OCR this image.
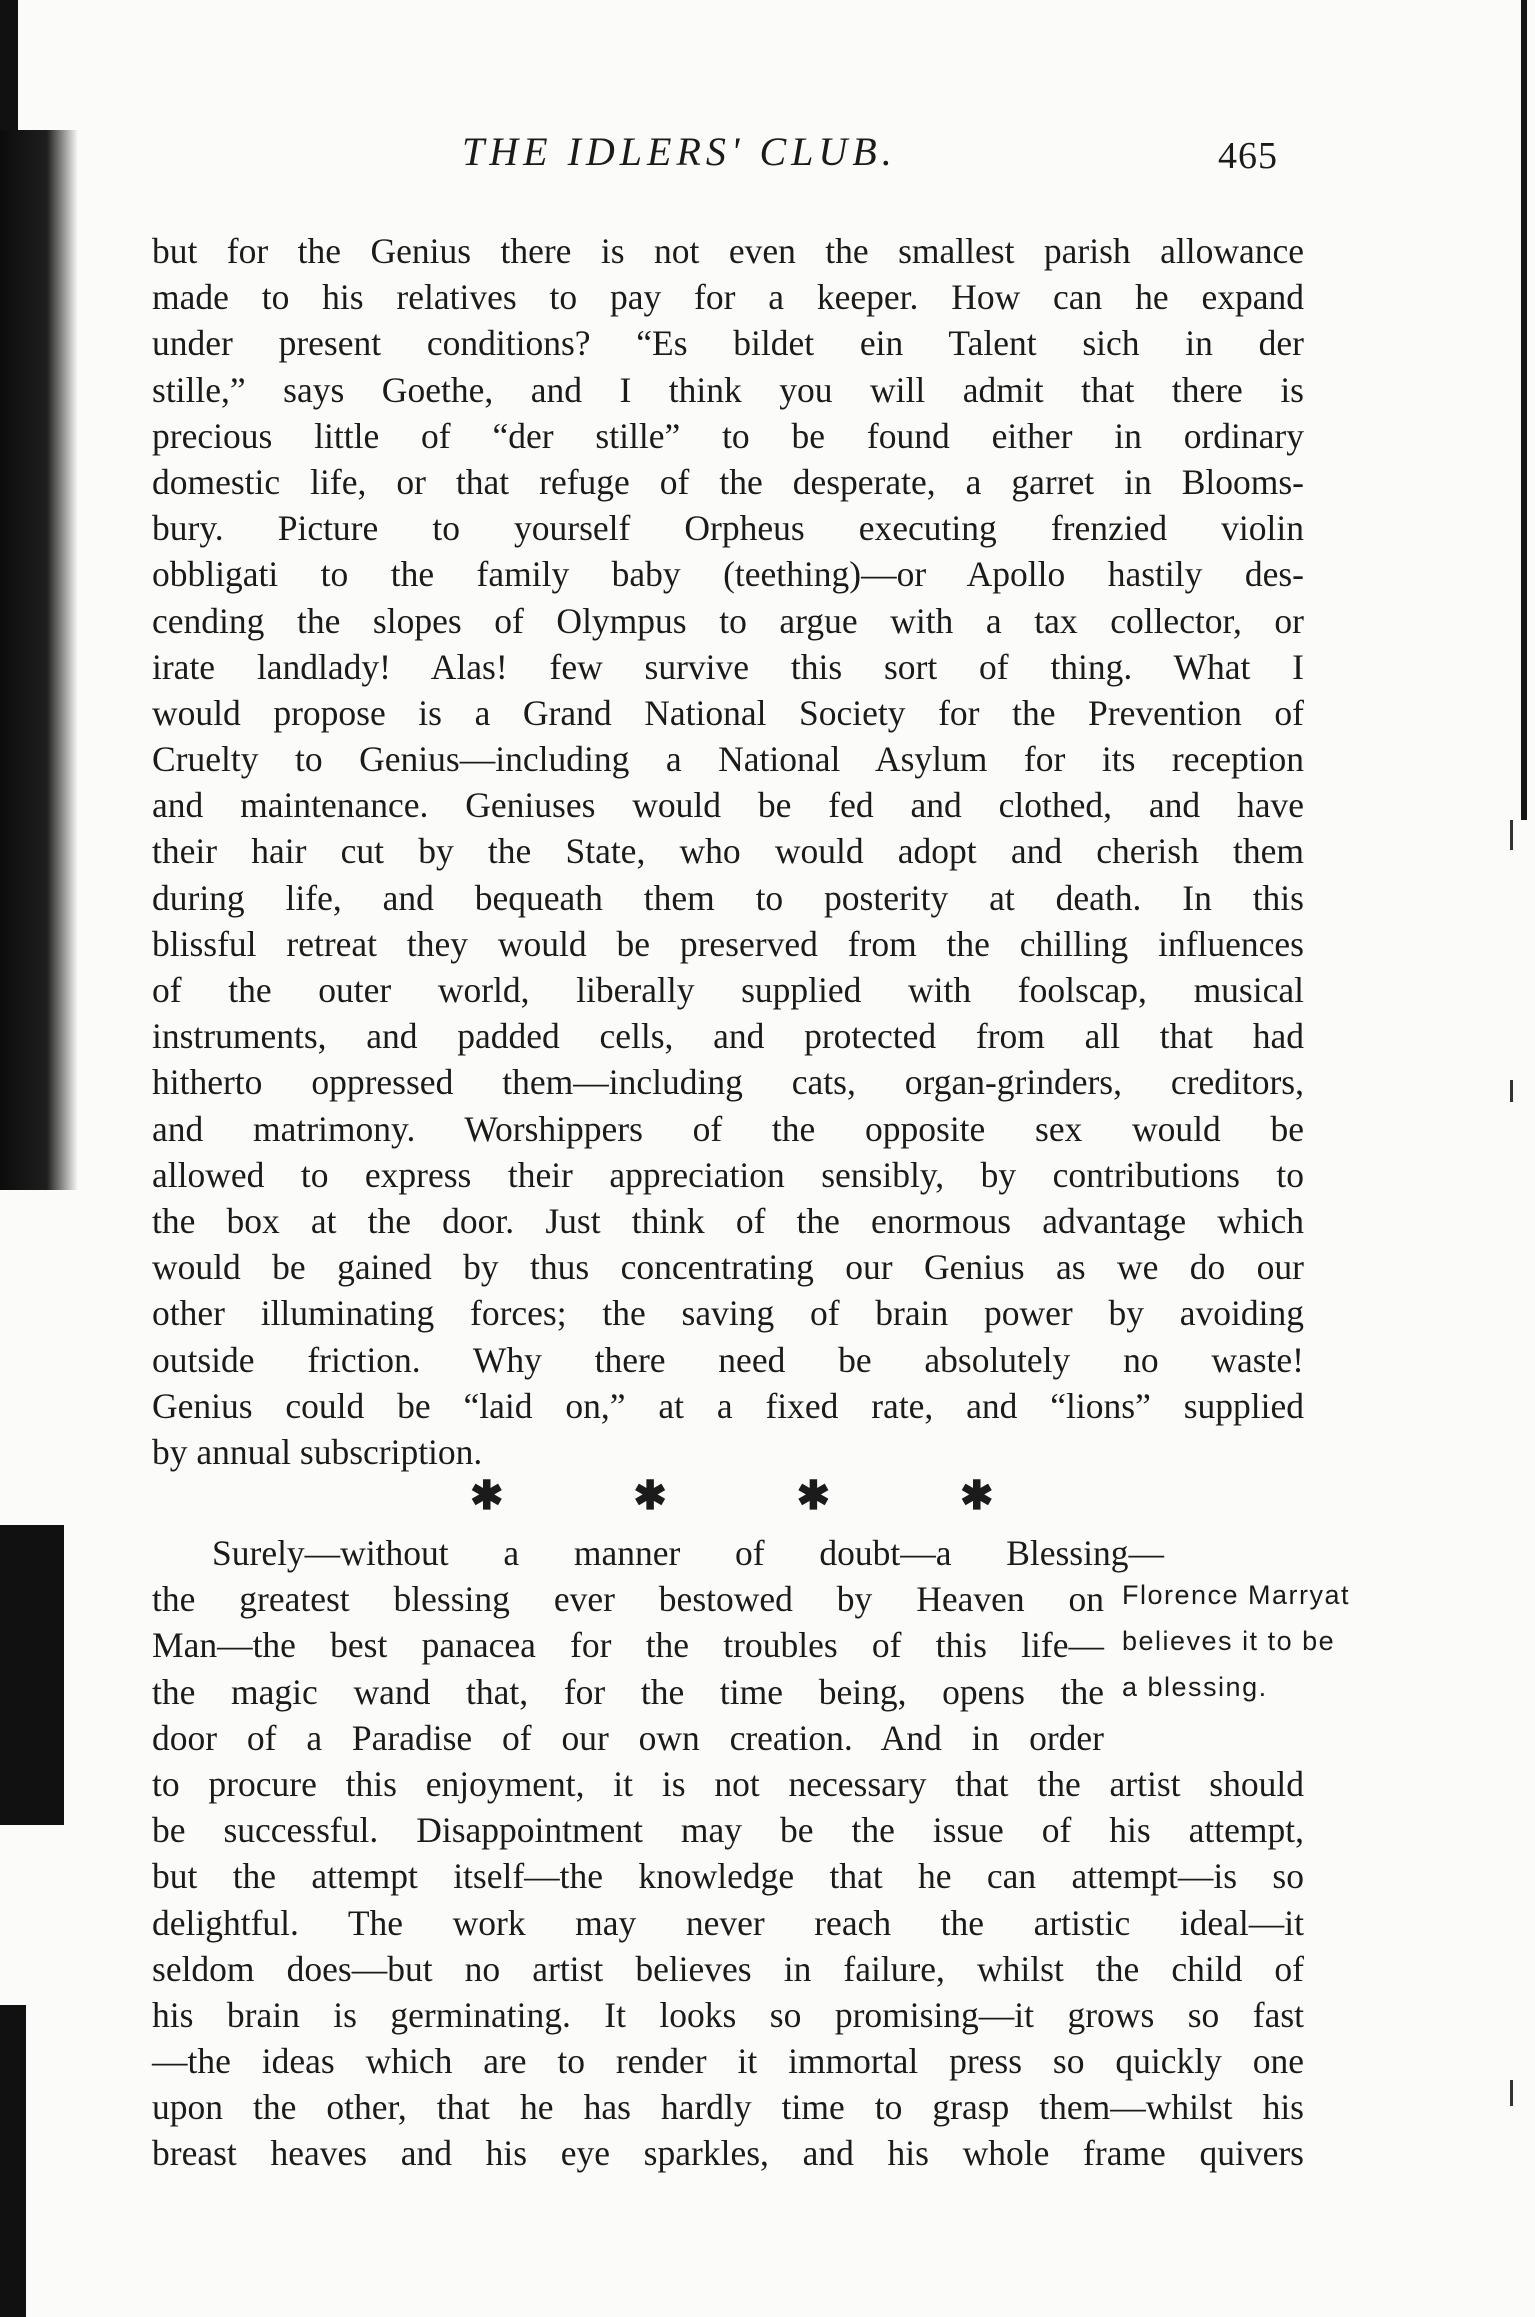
THE IDLERS' CLUB.	465
but for the Genius there is not even the smallest parish allowance
made to his relatives to pay for a keeper. How can he expand
under present conditions? “Es bildet ein Talent sich in der
stille,” says Goethe, and I think you will admit that there is
precious little of “der stille” to be found either in ordinary
domestic life, or that refuge of the desperate, a garret in Blooms-
bury. Picture to yourself Orpheus executing frenzied violin
obbligati to the family baby (teething)—or Apollo hastily des-
cending the slopes of Olympus to argue with a tax collector, or
irate landlady! Alas! few survive this sort of thing. What I
would propose is a Grand National Society for the Prevention of
Cruelty to Genius—including a National Asylum for its reception
and maintenance. Geniuses would be fed and clothed, and have
their hair cut by the State, who would adopt and cherish them
during life, and bequeath them to posterity at death. In this
blissful retreat they would be preserved from the chilling influences
of the outer world, liberally supplied with foolscap, musical
instruments, and padded cells, and protected from all that had
hitherto oppressed them—including cats, organ-grinders, creditors,
and matrimony. Worshippers of the opposite sex would be
allowed to express their appreciation sensibly, by contributions to
the box at the door. Just think of the enormous advantage which
would be gained by thus concentrating our Genius as we do our
other illuminating forces; the saving of brain power by avoiding
outside friction. Why there need be absolutely no waste!
Genius could be “laid on,” at a fixed rate, and “lions” supplied
by annual subscription.
✱	✱	✱	✱
Surely—without a manner of doubt—a Blessing—
the greatest blessing ever bestowed by Heaven on
Man—the best panacea for the troubles of this life—
the magic wand that, for the time being, opens the
door of a Paradise of our own creation. And in order
to procure this enjoyment, it is not necessary that the artist should
be successful. Disappointment may be the issue of his attempt,
but the attempt itself—the knowledge that he can attempt—is so
delightful. The work may never reach the artistic ideal—it
seldom does—but no artist believes in failure, whilst the child of
his brain is germinating. It looks so promising—it grows so fast
—the ideas which are to render it immortal press so quickly one
upon the other, that he has hardly time to grasp them—whilst his
breast heaves and his eye sparkles, and his whole frame quivers
Florence Marryat
believes it to be
a blessing.
